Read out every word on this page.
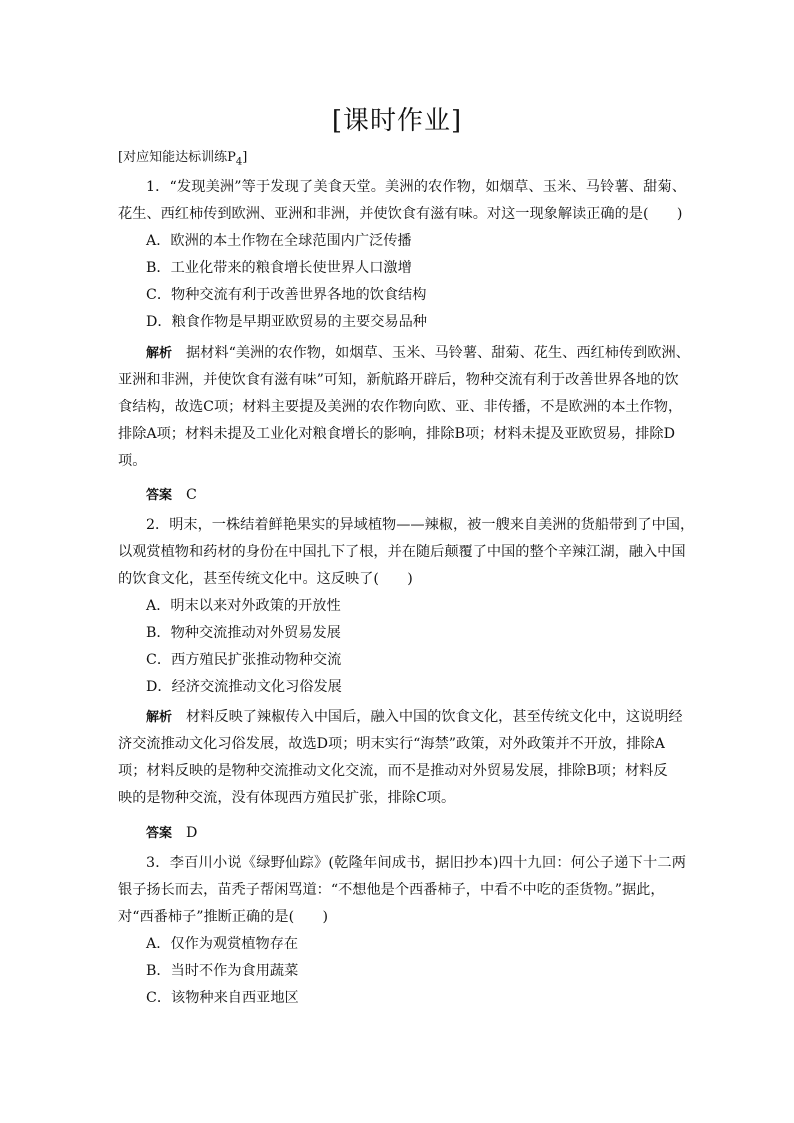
[课时作业]
[对应知能达标训练$P_4$]
1．“发现美洲”等于发现了美食天堂。美洲的农作物，如烟草、玉米、马铃薯、甜菊、
花生、西红柿传到欧洲、亚洲和非洲，并使饮食有滋有味。对这一现象解读正确的是(　　)
A．欧洲的本土作物在全球范围内广泛传播
B．工业化带来的粮食增长使世界人口激增
C．物种交流有利于改善世界各地的饮食结构
D．粮食作物是早期亚欧贸易的主要交易品种
解析 据材料“美洲的农作物，如烟草、玉米、马铃薯、甜菊、花生、西红柿传到欧洲、
亚洲和非洲，并使饮食有滋有味”可知，新航路开辟后，物种交流有利于改善世界各地的饮
食结构，故选C项；材料主要提及美洲的农作物向欧、亚、非传播，不是欧洲的本土作物，
排除A项；材料未提及工业化对粮食增长的影响，排除B项；材料未提及亚欧贸易，排除D
项。
答案 C
2．明末，一株结着鲜艳果实的异域植物——辣椒，被一艘来自美洲的货船带到了中国，
以观赏植物和药材的身份在中国扎下了根，并在随后颠覆了中国的整个辛辣江湖，融入中国
的饮食文化，甚至传统文化中。这反映了(　　)
A．明末以来对外政策的开放性
B．物种交流推动对外贸易发展
C．西方殖民扩张推动物种交流
D．经济交流推动文化习俗发展
解析 材料反映了辣椒传入中国后，融入中国的饮食文化，甚至传统文化中，这说明经
济交流推动文化习俗发展，故选D项；明末实行“海禁”政策，对外政策并不开放，排除A
项；材料反映的是物种交流推动文化交流，而不是推动对外贸易发展，排除B项；材料反
映的是物种交流，没有体现西方殖民扩张，排除C项。
答案 D
3．李百川小说《绿野仙踪》(乾隆年间成书，据旧抄本)四十九回：何公子递下十二两
银子扬长而去，苗秃子帮闲骂道：“不想他是个西番柿子，中看不中吃的歪货物。”据此，
对“西番柿子”推断正确的是(　　)
A．仅作为观赏植物存在
B．当时不作为食用蔬菜
C．该物种来自西亚地区
